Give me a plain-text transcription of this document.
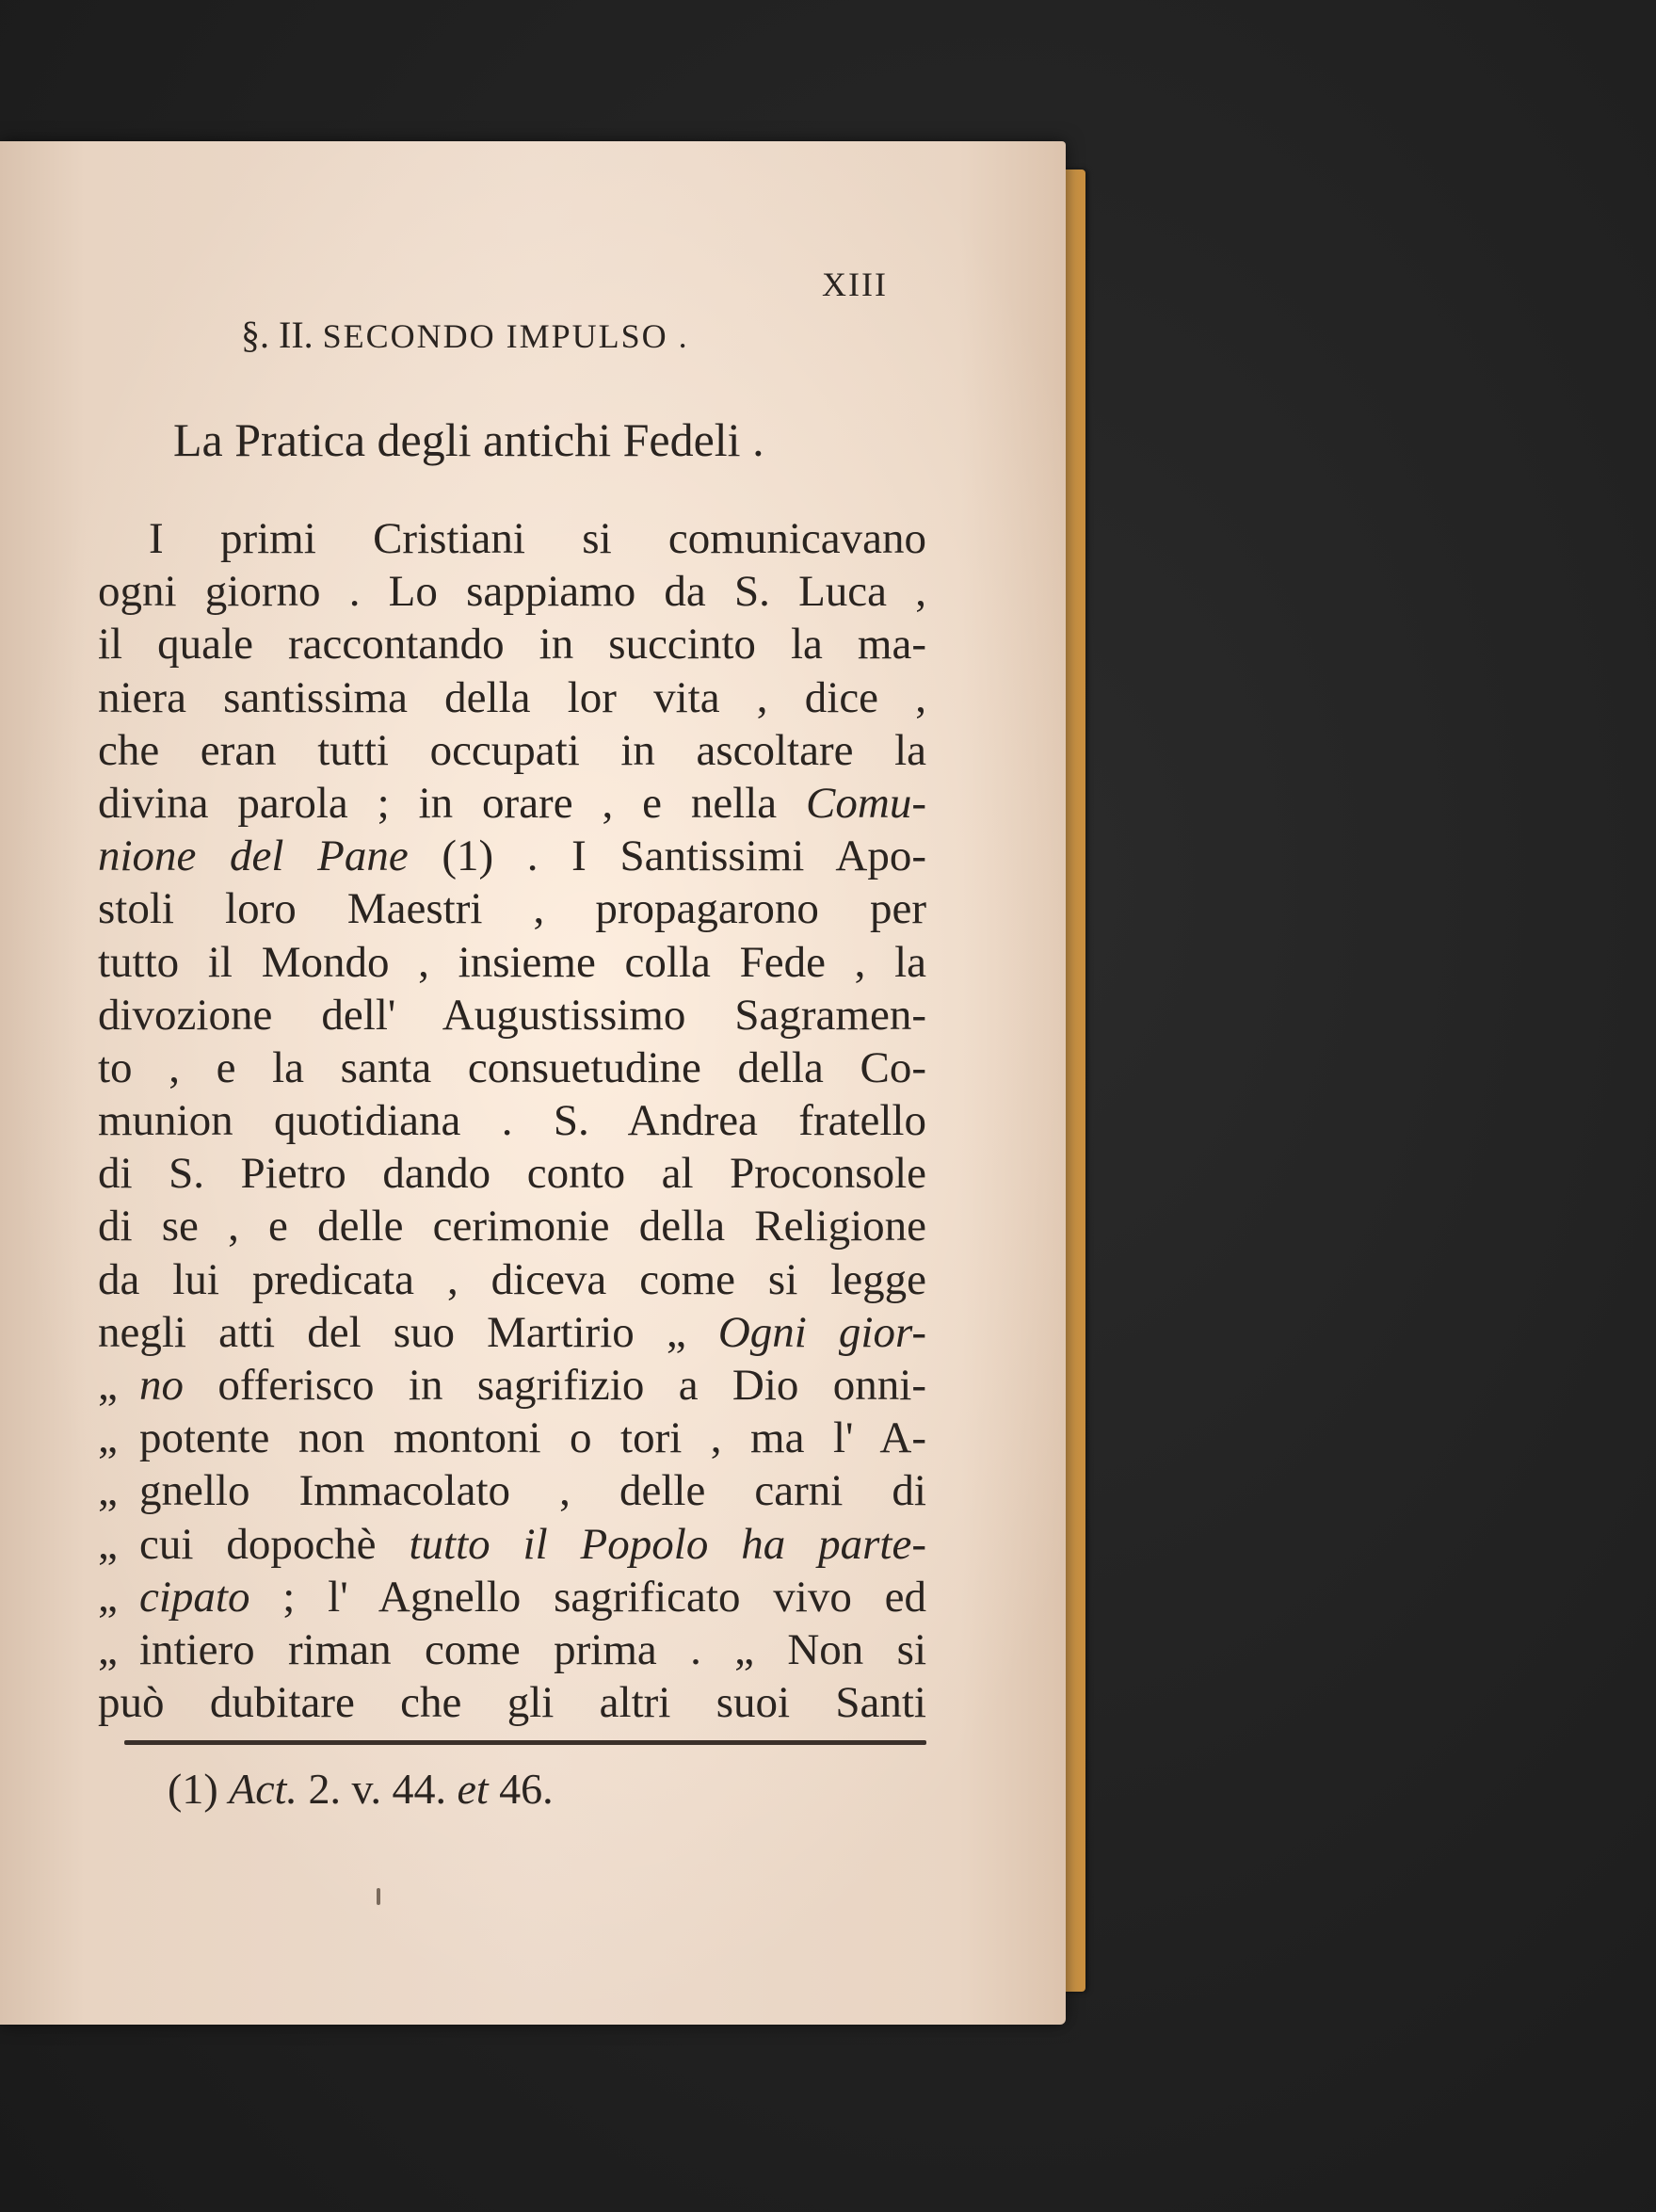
XIII
§. II. SECONDO IMPULSO .
La Pratica degli antichi Fedeli .
I primi Cristiani si comunicavano
ogni giorno . Lo sappiamo da S. Luca ,
il quale raccontando in succinto la ma-
niera santissima della lor vita , dice ,
che eran tutti occupati in ascoltare la
divina parola ; in orare , e nella Comu-
nione del Pane (1) . I Santissimi Apo-
stoli loro Maestri , propagarono per
tutto il Mondo , insieme colla Fede , la
divozione dell' Augustissimo Sagramen-
to , e la santa consuetudine della Co-
munion quotidiana . S. Andrea fratello
di S. Pietro dando conto al Proconsole
di se , e delle cerimonie della Religione
da lui predicata , diceva come si legge
negli atti del suo Martirio „ Ogni gior-
„ no offerisco in sagrifizio a Dio onni-
„ potente non montoni o tori , ma l' A-
„ gnello Immacolato , delle carni di
„ cui dopochè tutto il Popolo ha parte-
„ cipato ; l' Agnello sagrificato vivo ed
„ intiero riman come prima . „ Non si
può dubitare che gli altri suoi Santi
(1) Act. 2. v. 44. et 46.
